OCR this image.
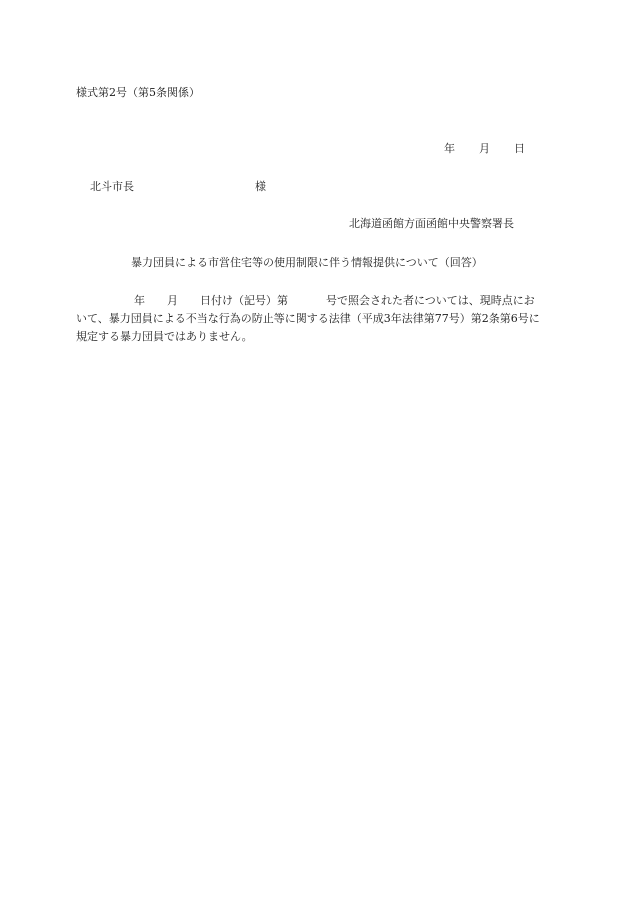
様式第2号（第5条関係）
年 月 日
北斗市長	様
北海道函館方面函館中央警察署長
暴力団員による市営住宅等の使用制限に伴う情報提供について（回答）
年 月 日付け（記号）第	号で照会された者については、現時点にお
いて、暴力団員による不当な行為の防止等に関する法律（平成3年法律第77号）第2条第6号に
規定する暴力団員ではありません。
